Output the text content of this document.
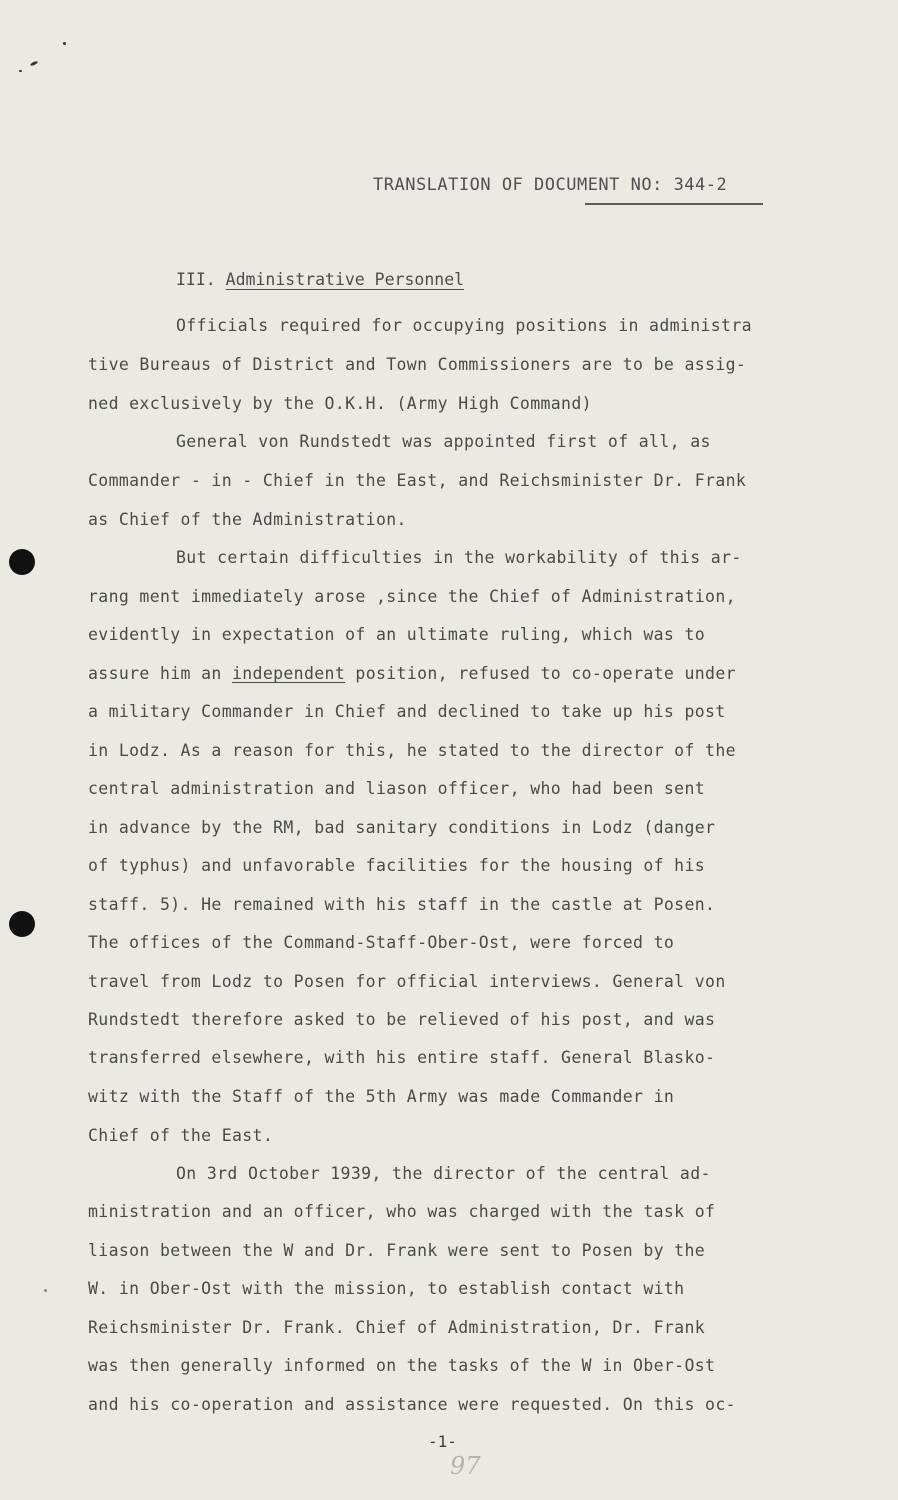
TRANSLATION OF DOCUMENT NO: 344-2
III. Administrative Personnel
Officials required for occupying positions in administra
tive Bureaus of District and Town Commissioners are to be assig-
ned exclusively by the O.K.H. (Army High Command)
General von Rundstedt was appointed first of all, as
Commander - in - Chief in the East, and Reichsminister Dr. Frank
as Chief of the Administration.
But certain difficulties in the workability of this ar-
rang ment immediately arose ,since the Chief of Administration,
evidently in expectation of an ultimate ruling, which was to
assure him an independent position, refused to co-operate under
a military Commander in Chief and declined to take up his post
in Lodz. As a reason for this, he stated to the director of the
central administration and liason officer, who had been sent
in advance by the RM, bad sanitary conditions in Lodz (danger
of typhus) and unfavorable facilities for the housing of his
staff. 5). He remained with his staff in the castle at Posen.
The offices of the Command-Staff-Ober-Ost, were forced to
travel from Lodz to Posen for official interviews. General von
Rundstedt therefore asked to be relieved of his post, and was
transferred elsewhere, with his entire staff. General Blasko-
witz with the Staff of the 5th Army was made Commander in
Chief of the East.
On 3rd October 1939, the director of the central ad-
ministration and an officer, who was charged with the task of
liason between the W and Dr. Frank were sent to Posen by the
W. in Ober-Ost with the mission, to establish contact with
Reichsminister Dr. Frank. Chief of Administration, Dr. Frank
was then generally informed on the tasks of the W in Ober-Ost
and his co-operation and assistance were requested. On this oc-
-1-
97
